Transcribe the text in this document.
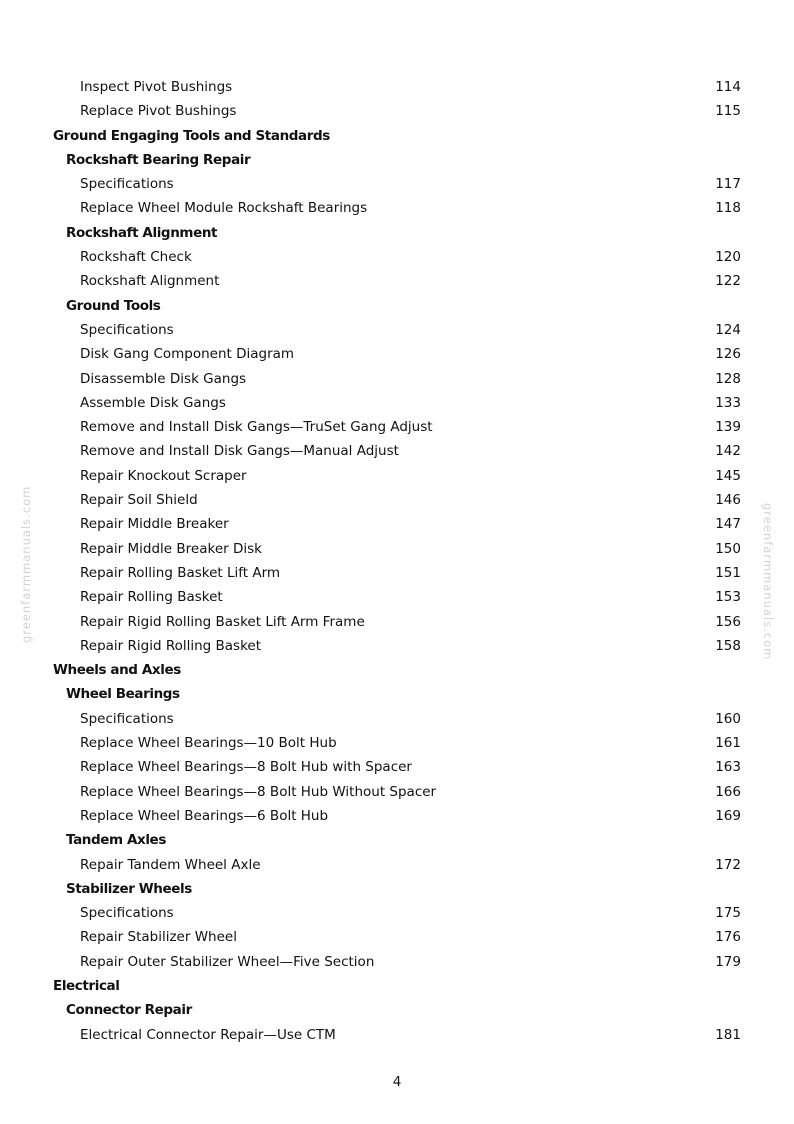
Inspect Pivot Bushings	114
Replace Pivot Bushings	115
Ground Engaging Tools and Standards
Rockshaft Bearing Repair
Specifications	117
Replace Wheel Module Rockshaft Bearings	118
Rockshaft Alignment
Rockshaft Check	120
Rockshaft Alignment	122
Ground Tools
Specifications	124
Disk Gang Component Diagram	126
Disassemble Disk Gangs	128
Assemble Disk Gangs	133
Remove and Install Disk Gangs—TruSet Gang Adjust	139
Remove and Install Disk Gangs—Manual Adjust	142
Repair Knockout Scraper	145
Repair Soil Shield	146
Repair Middle Breaker	147
Repair Middle Breaker Disk	150
Repair Rolling Basket Lift Arm	151
Repair Rolling Basket	153
Repair Rigid Rolling Basket Lift Arm Frame	156
Repair Rigid Rolling Basket	158
Wheels and Axles
Wheel Bearings
Specifications	160
Replace Wheel Bearings—10 Bolt Hub	161
Replace Wheel Bearings—8 Bolt Hub with Spacer	163
Replace Wheel Bearings—8 Bolt Hub Without Spacer	166
Replace Wheel Bearings—6 Bolt Hub	169
Tandem Axles
Repair Tandem Wheel Axle	172
Stabilizer Wheels
Specifications	175
Repair Stabilizer Wheel	176
Repair Outer Stabilizer Wheel—Five Section	179
Electrical
Connector Repair
Electrical Connector Repair—Use CTM	181
4
greenfarmmanuals.com	greenfarmmanuals.com
